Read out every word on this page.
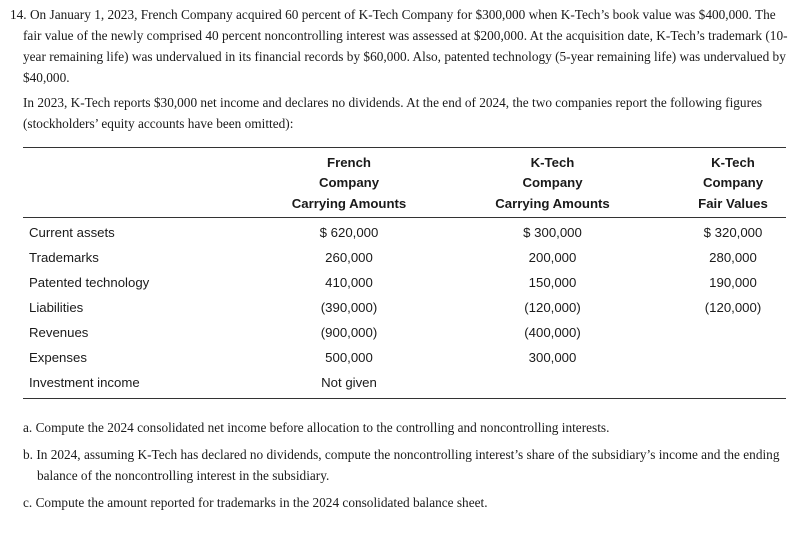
14. On January 1, 2023, French Company acquired 60 percent of K-Tech Company for $300,000 when K-Tech’s book value was $400,000. The fair value of the newly comprised 40 percent noncontrolling interest was assessed at $200,000. At the acquisition date, K-Tech’s trademark (10-year remaining life) was undervalued in its financial records by $60,000. Also, patented technology (5-year remaining life) was undervalued by $40,000.

In 2023, K-Tech reports $30,000 net income and declares no dividends. At the end of 2024, the two companies report the following figures (stockholders’ equity accounts have been omitted):

	French	K-Tech	K-Tech
	Company	Company	Company
	Carrying Amounts	Carrying Amounts	Fair Values
Current assets	$ 620,000	$ 300,000	$ 320,000
Trademarks	260,000	200,000	280,000
Patented technology	410,000	150,000	190,000
Liabilities	(390,000)	(120,000)	(120,000)
Revenues	(900,000)	(400,000)	
Expenses	500,000	300,000	
Investment income	Not given		

a. Compute the 2024 consolidated net income before allocation to the controlling and noncontrolling interests.

b. In 2024, assuming K-Tech has declared no dividends, compute the noncontrolling interest’s share of the subsidiary’s income and the ending balance of the noncontrolling interest in the subsidiary.

c. Compute the amount reported for trademarks in the 2024 consolidated balance sheet.
